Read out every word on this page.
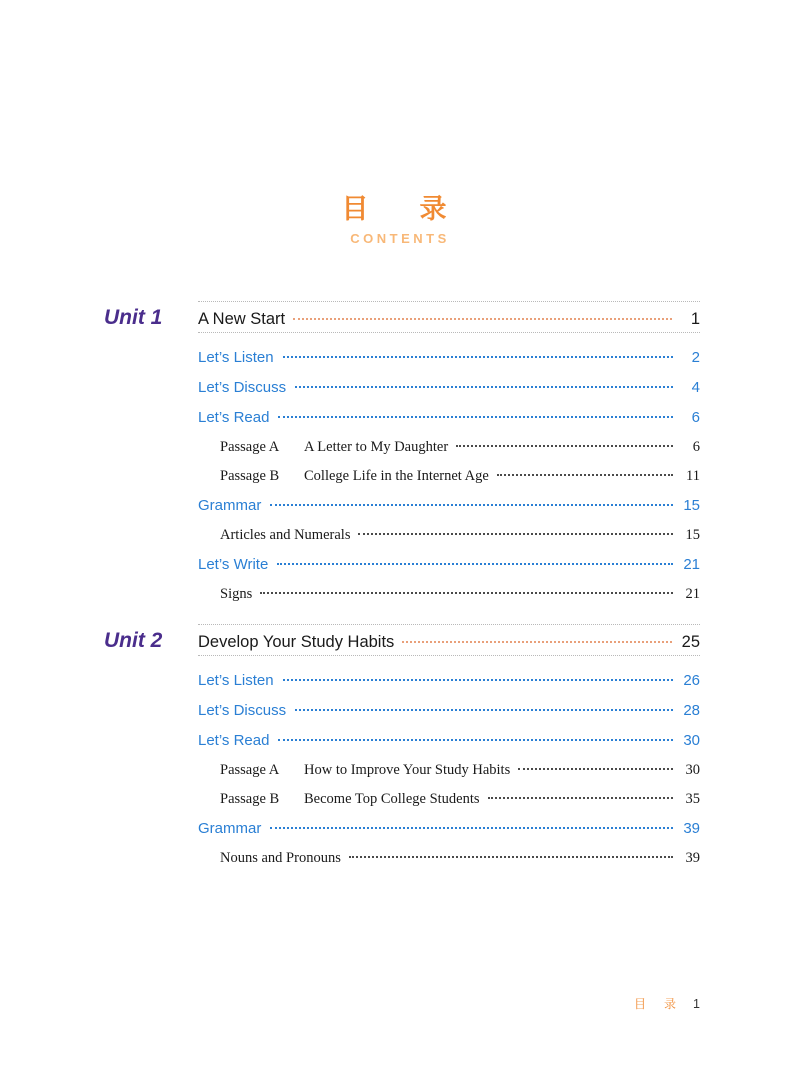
目　录
CONTENTS
Unit 1	A New Start	1
Let’s Listen	2
Let’s Discuss	4
Let’s Read	6
Passage A	A Letter to My Daughter	6
Passage B	College Life in the Internet Age	11
Grammar	15
Articles and Numerals	15
Let’s Write	21
Signs	21
Unit 2	Develop Your Study Habits	25
Let’s Listen	26
Let’s Discuss	28
Let’s Read	30
Passage A	How to Improve Your Study Habits	30
Passage B	Become Top College Students	35
Grammar	39
Nouns and Pronouns	39
目　录 1
